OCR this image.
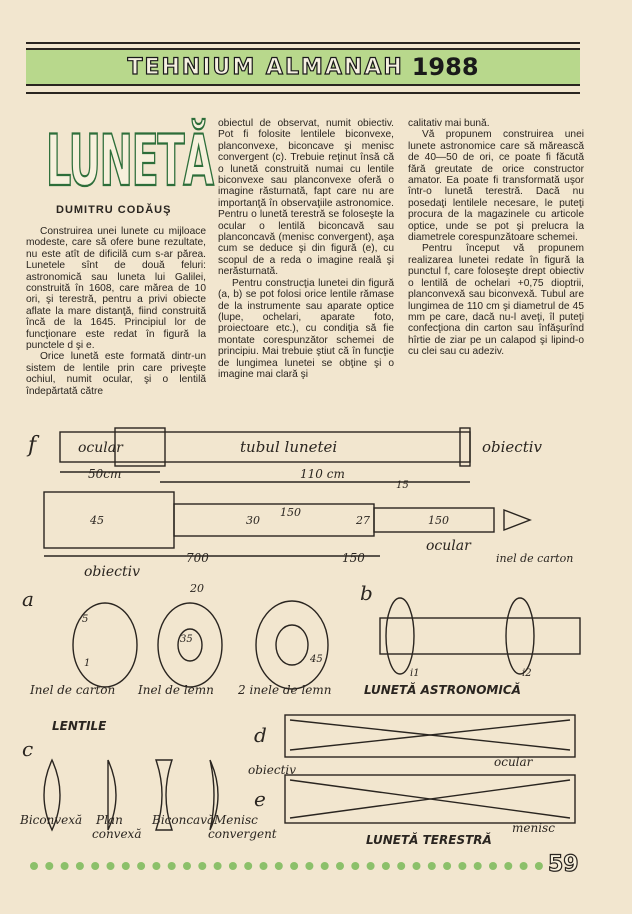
TEHNIUM ALMANAH 1988
LUNETĂ
DUMITRU CODĂUŞ

Construirea unei lunete cu mijloace modeste, care să ofere bune rezultate, nu este atît de dificilă cum s-ar părea. Lunetele sînt de două feluri: astronomică sau luneta lui Galilei, construită în 1608, care mărea de 10 ori, şi terestră, pentru a privi obiecte aflate la mare distanţă, fiind construită încă de la 1645. Principiul lor de funcţionare este redat în figură la punctele d şi e.

Orice lunetă este formată dintr-un sistem de lentile prin care priveşte ochiul, numit ocular, şi o lentilă îndepărtată către

obiectul de observat, numit obiectiv. Pot fi folosite lentilele biconvexe, planconvexe, biconcave şi menisc convergent (c). Trebuie reţinut însă că o lunetă construită numai cu lentile biconvexe sau planconvexe oferă o imagine răsturnată, fapt care nu are importanţă în observaţiile astronomice. Pentru o lunetă terestră se foloseşte la ocular o lentilă biconcavă sau planconcavă (menisc convergent), aşa cum se deduce şi din figură (e), cu scopul de a reda o imagine reală şi nerăsturnată.

Pentru construcţia lunetei din figură (a, b) se pot folosi orice lentile rămase de la instrumente sau aparate optice (lupe, ochelari, aparate foto, proiectoare etc.), cu condiţia să fie montate corespunzător schemei de principiu. Mai trebuie ştiut că în funcţie de lungimea lunetei se obţine şi o imagine mai clară şi

calitativ mai bună.

Vă propunem construirea unei lunete astronomice care să mărească de 40—50 de ori, ce poate fi făcută fără greutate de orice constructor amator. Ea poate fi transformată uşor într-o lunetă terestră. Dacă nu posedaţi lentilele necesare, le puteţi procura de la magazinele cu articole optice, unde se pot şi prelucra la diametrele corespunzătoare schemei.

Pentru început vă propunem realizarea lunetei redate în figură la punctul f, care foloseşte drept obiectiv o lentilă de ochelari +0,75 dioptrii, planconvexă sau biconvexă. Tubul are lungimea de 110 cm şi diametrul de 45 mm pe care, dacă nu-l aveţi, îl puteţi confecţiona din carton sau înfăşurînd hîrtie de ziar pe un calapod şi lipind-o cu clei sau cu adeziv.

f	ocular	tubul lunetei	obiectiv
50cm	110 cm
15
45	30
150
27	150
700	150
ocular
inel de carton
obiectiv
a	b
20
5
1
35
45
i1	i2
Inel de carton Inel de lemn 2 inele de lemn	LUNETĂ ASTRONOMICĂ
LENTILE
c
d
e
obiectiv
ocular
menisc
Biconvexă Plan
convexă
Biconcavă Menisc
convergent	LUNETĂ TERESTRĂ
59
